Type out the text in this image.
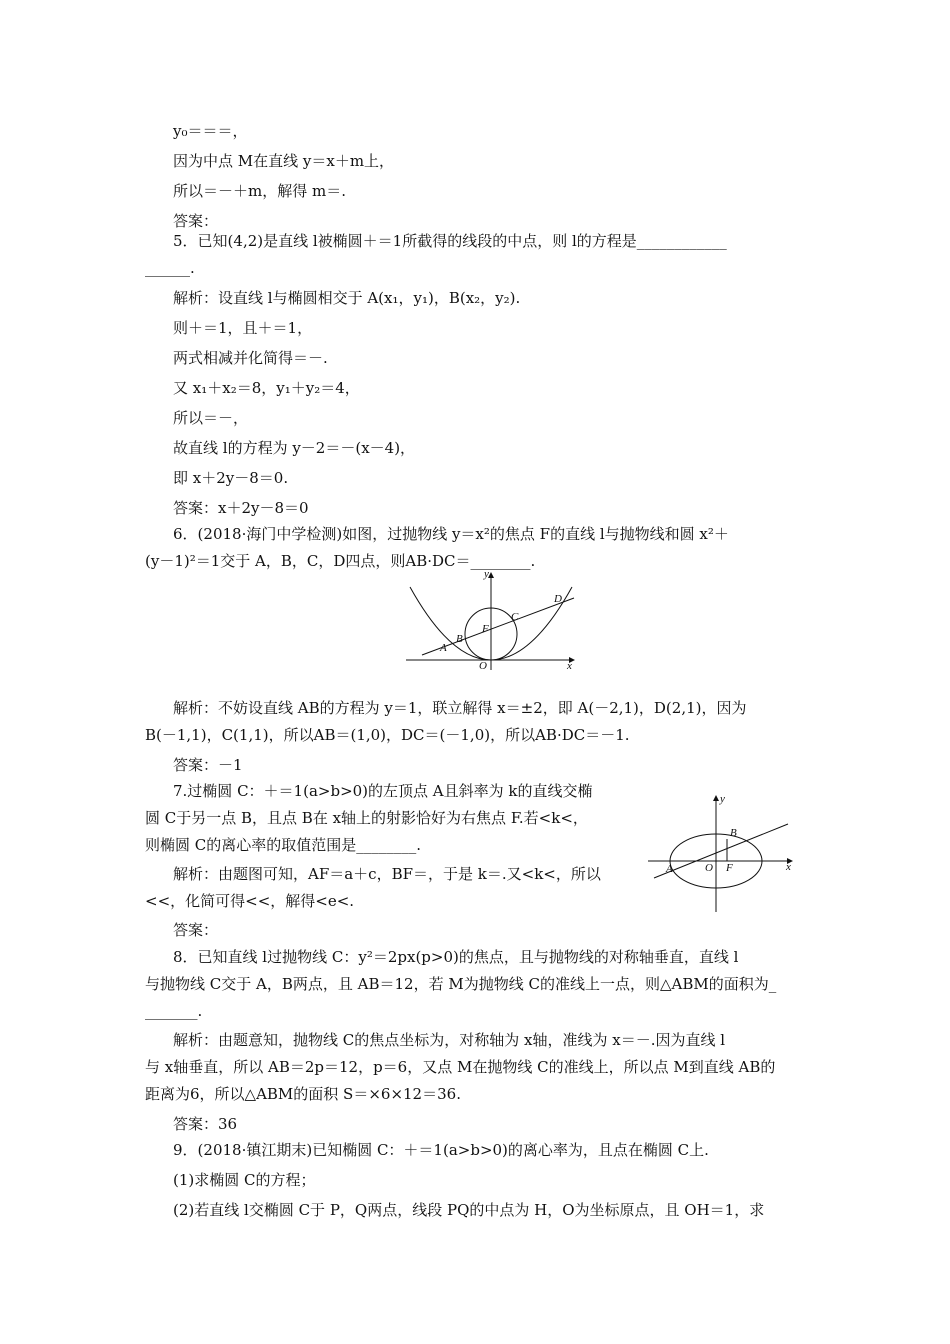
y₀＝＝＝，
因为中点 M在直线 y＝x＋m上，
所以＝－＋m，解得 m＝.
答案：
5．已知(4,2)是直线 l被椭圆＋＝1所截得的线段的中点，则 l的方程是____________
______.
解析：设直线 l与椭圆相交于 A(x₁，y₁)，B(x₂，y₂).
则＋＝1，且＋＝1，
两式相减并化简得＝－.
又 x₁＋x₂＝8，y₁＋y₂＝4，
所以＝－，
故直线 l的方程为 y－2＝－(x－4)，
即 x＋2y－8＝0.
答案：x＋2y－8＝0
6．(2018·海门中学检测)如图，过抛物线 y＝x²的焦点 F的直线 l与抛物线和圆 x²＋
(y－1)²＝1交于 A，B，C，D四点，则AB·DC＝________.
解析：不妨设直线 AB的方程为 y＝1，联立解得 x＝±2，即 A(－2,1)，D(2,1)，因为
B(－1,1)，C(1,1)，所以AB＝(1,0)，DC＝(－1,0)，所以AB·DC＝－1.
答案：－1
7.过椭圆 C：＋＝1(a>b>0)的左顶点 A且斜率为 k的直线交椭
圆 C于另一点 B，且点 B在 x轴上的射影恰好为右焦点 F.若<k<，
则椭圆 C的离心率的取值范围是________.
解析：由题图可知，AF＝a＋c，BF＝，于是 k＝.又<k<，所以
<<，化简可得<<，解得<e<.
答案：
8．已知直线 l过抛物线 C：y²＝2px(p>0)的焦点，且与抛物线的对称轴垂直，直线 l
与抛物线 C交于 A，B两点，且 AB＝12，若 M为抛物线 C的准线上一点，则△ABM的面积为_
_______.
解析：由题意知，抛物线 C的焦点坐标为，对称轴为 x轴，准线为 x＝－.因为直线 l
与 x轴垂直，所以 AB＝2p＝12，p＝6，又点 M在抛物线 C的准线上，所以点 M到直线 AB的
距离为6，所以△ABM的面积 S＝×6×12＝36.
答案：36
9．(2018·镇江期末)已知椭圆 C：＋＝1(a>b>0)的离心率为，且点在椭圆 C上.
(1)求椭圆 C的方程；
(2)若直线 l交椭圆 C于 P，Q两点，线段 PQ的中点为 H，O为坐标原点，且 OH＝1，求
y
x
A
B
F
C
D
O
y
x
A
B
O F
